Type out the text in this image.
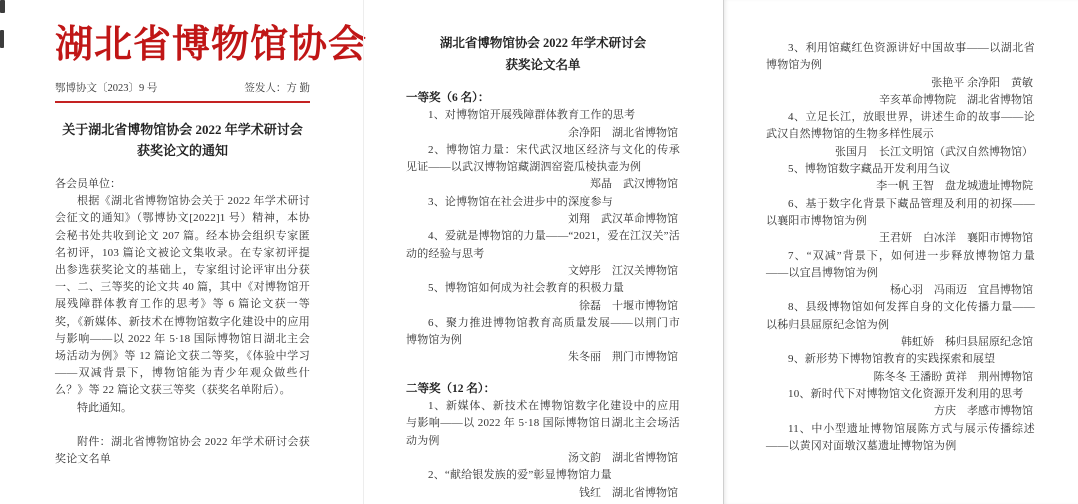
湖北省博物馆协会
鄂博协文〔2023〕9 号	签发人：方 勤
关于湖北省博物馆协会 2022 年学术研讨会
获奖论文的通知
各会员单位：
根据《湖北省博物馆协会关于 2022 年学术研讨会征文的通知》（鄂博协文[2022]1 号）精神，本协会秘书处共收到论文 207 篇。经本协会组织专家匿名初评，103 篇论文被论文集收录。在专家初评提出参选获奖论文的基础上，专家组讨论评审出分获一、二、三等奖的论文共 40 篇，其中《对博物馆开展残障群体教育工作的思考》等 6 篇论文获一等奖，《新媒体、新技术在博物馆数字化建设中的应用与影响——以 2022 年 5·18 国际博物馆日湖北主会场活动为例》等 12 篇论文获二等奖，《体验中学习——双减背景下，博物馆能为青少年观众做些什么？》等 22 篇论文获三等奖（获奖名单附后）。
特此通知。
附件：湖北省博物馆协会 2022 年学术研讨会获奖论文名单
湖北省博物馆协会 2022 年学术研讨会
获奖论文名单
一等奖（6 名）：
1、对博物馆开展残障群体教育工作的思考
余净阳　湖北省博物馆
2、博物馆力量：宋代武汉地区经济与文化的传承见证——以武汉博物馆藏湖泗窑瓷瓜棱执壶为例
郑晶　武汉博物馆
3、论博物馆在社会进步中的深度参与
刘翔　武汉革命博物馆
4、爱就是博物馆的力量——“2021，爱在江汉关”活动的经验与思考
文婷彤　江汉关博物馆
5、博物馆如何成为社会教育的积极力量
徐磊　十堰市博物馆
6、聚力推进博物馆教育高质量发展——以荆门市博物馆为例
朱冬丽　荆门市博物馆
二等奖（12 名）：
1、新媒体、新技术在博物馆数字化建设中的应用与影响——以 2022 年 5·18 国际博物馆日湖北主会场活动为例
汤文韵　湖北省博物馆
2、“献给银发族的爱”彰显博物馆力量
钱红　湖北省博物馆
3、利用馆藏红色资源讲好中国故事——以湖北省博物馆为例
张艳平 余净阳　黄敏
辛亥革命博物院　湖北省博物馆
4、立足长江，放眼世界，讲述生命的故事——论武汉自然博物馆的生物多样性展示
张国月　长江文明馆（武汉自然博物馆）
5、博物馆数字藏品开发利用刍议
李一帆 王智　盘龙城遗址博物院
6、基于数字化背景下藏品管理及利用的初探——以襄阳市博物馆为例
王君妍　白冰洋　襄阳市博物馆
7、“双减”背景下，如何进一步释放博物馆力量——以宜昌博物馆为例
杨心羽　冯雨迈　宜昌博物馆
8、县级博物馆如何发挥自身的文化传播力量——以秭归县屈原纪念馆为例
韩虹娇　秭归县屈原纪念馆
9、新形势下博物馆教育的实践探索和展望
陈冬冬 王潘盼 黄祥　荆州博物馆
10、新时代下对博物馆文化资源开发利用的思考
方庆　孝感市博物馆
11、中小型遗址博物馆展陈方式与展示传播综述——以黄冈对面墩汉墓遗址博物馆为例
